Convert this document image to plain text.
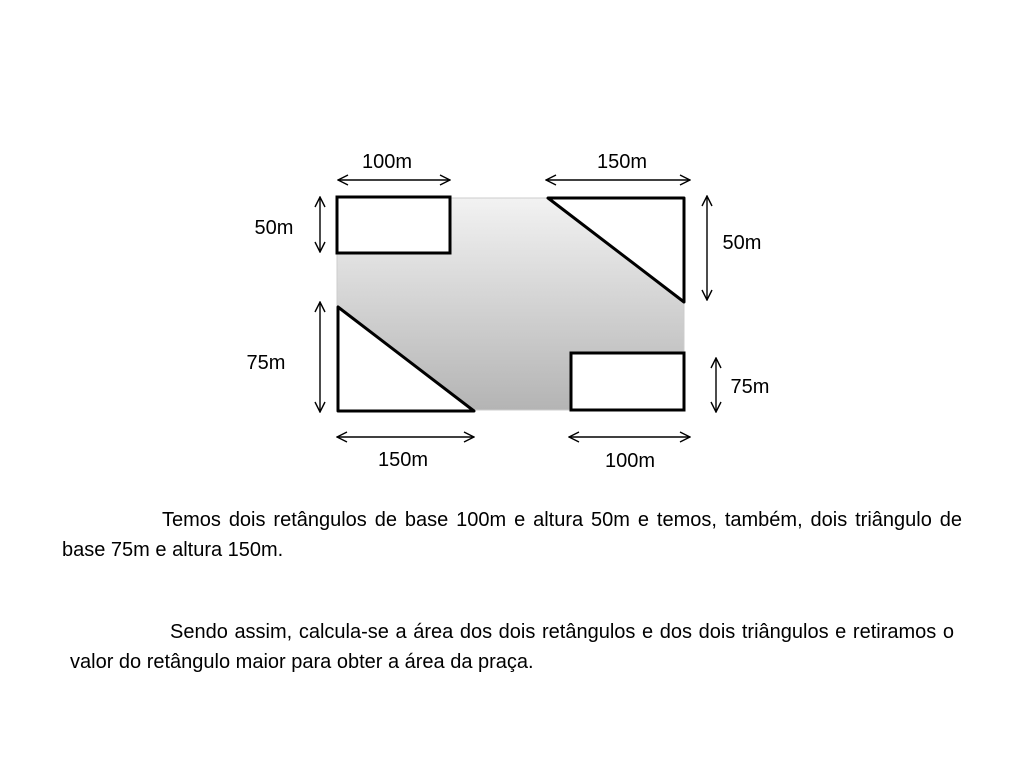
100m	150m
50m
50m
75m
75m
150m	100m

Temos dois retângulos de base 100m e altura 50m e temos, também, dois triângulo de base 75m e altura 150m.

Sendo assim, calcula-se a área dos dois retângulos e dos dois triângulos e retiramos o valor do retângulo maior para obter a área da praça.
